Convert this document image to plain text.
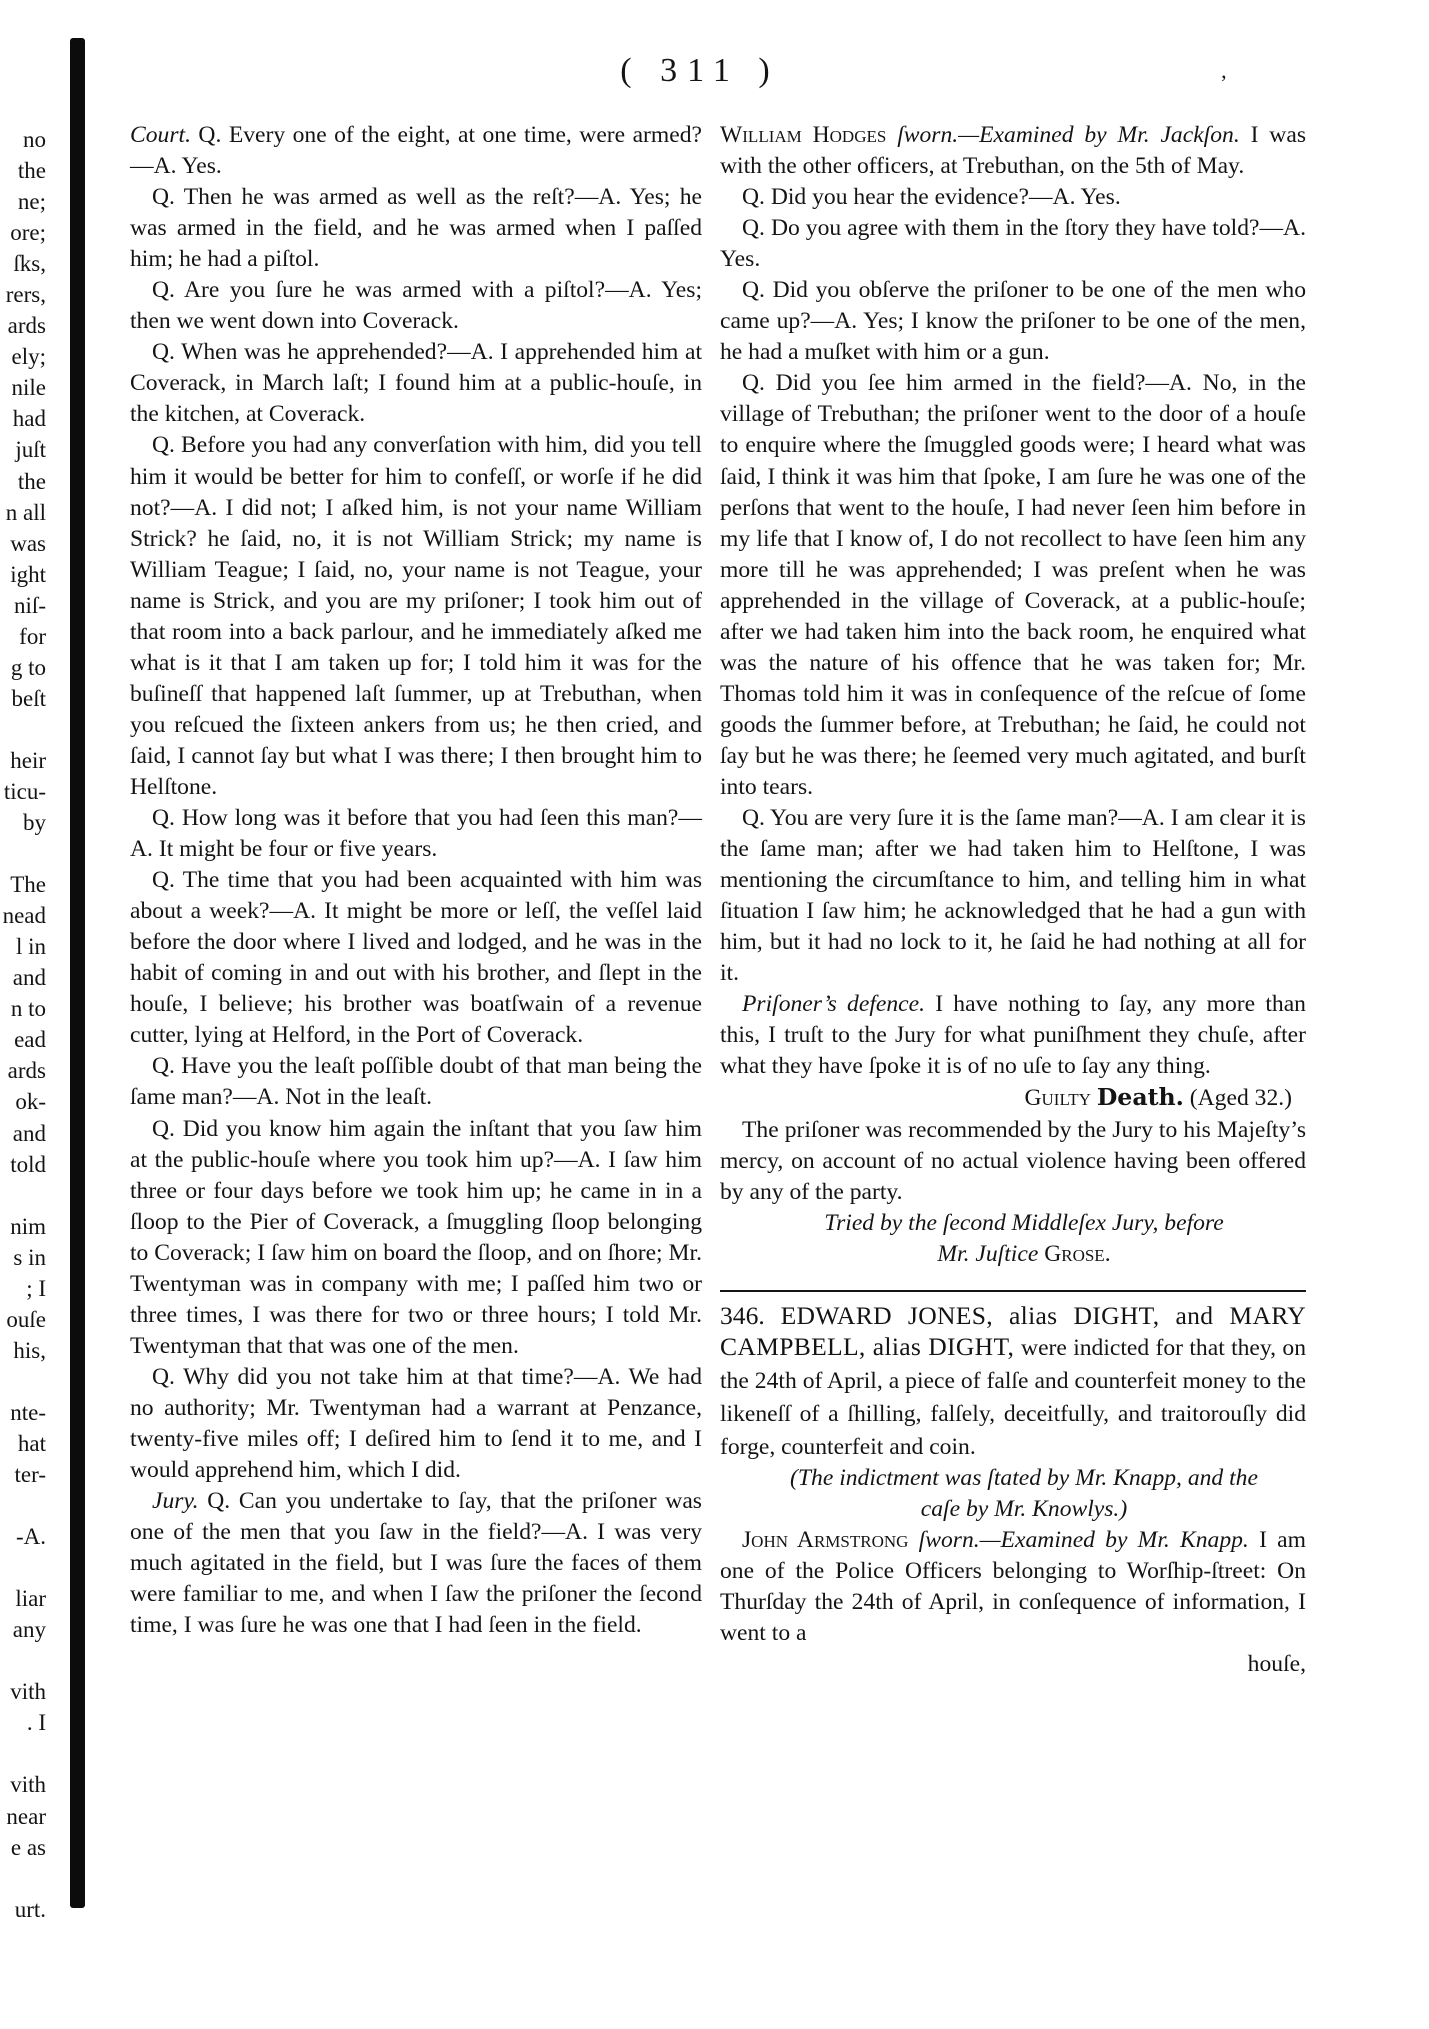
( 311 )	’
no
the
ne;
ore;
ſks,
rers,
ards
ely;
nile
had
juſt
the
n all
was
ight
niſ-
for
g to
beſt
heir
ticu-
by
The
nead
l in
and
n to
ead
ards
ok-
and
told
nim
s in
; I
ouſe
his,
nte-
hat
ter-
-A.
liar
any
vith
. I
vith
near
e as
urt.

Court. Q. Every one of the eight, at one time, were armed?—A. Yes.

Q. Then he was armed as well as the reſt?—A. Yes; he was armed in the field, and he was armed when I paſſed him; he had a piſtol.

Q. Are you ſure he was armed with a piſtol?—A. Yes; then we went down into Coverack.

Q. When was he apprehended?—A. I apprehended him at Coverack, in March laſt; I found him at a public-houſe, in the kitchen, at Coverack.

Q. Before you had any converſation with him, did you tell him it would be better for him to confeſſ, or worſe if he did not?—A. I did not; I aſked him, is not your name William Strick? he ſaid, no, it is not William Strick; my name is William Teague; I ſaid, no, your name is not Teague, your name is Strick, and you are my priſoner; I took him out of that room into a back parlour, and he immediately aſked me what is it that I am taken up for; I told him it was for the buſineſſ that happened laſt ſummer, up at Trebuthan, when you reſcued the ſixteen ankers from us; he then cried, and ſaid, I cannot ſay but what I was there; I then brought him to Helſtone.

Q. How long was it before that you had ſeen this man?—A. It might be four or five years.

Q. The time that you had been acquainted with him was about a week?—A. It might be more or leſſ, the veſſel laid before the door where I lived and lodged, and he was in the habit of coming in and out with his brother, and ſlept in the houſe, I believe; his brother was boatſwain of a revenue cutter, lying at Helford, in the Port of Coverack.

Q. Have you the leaſt poſſible doubt of that man being the ſame man?—A. Not in the leaſt.

Q. Did you know him again the inſtant that you ſaw him at the public-houſe where you took him up?—A. I ſaw him three or four days before we took him up; he came in in a ſloop to the Pier of Coverack, a ſmuggling ſloop belonging to Coverack; I ſaw him on board the ſloop, and on ſhore; Mr. Twentyman was in company with me; I paſſed him two or three times, I was there for two or three hours; I told Mr. Twentyman that that was one of the men.

Q. Why did you not take him at that time?—A. We had no authority; Mr. Twentyman had a warrant at Penzance, twenty-five miles off; I deſired him to ſend it to me, and I would apprehend him, which I did.

Jury. Q. Can you undertake to ſay, that the priſoner was one of the men that you ſaw in the field?—A. I was very much agitated in the field, but I was ſure the faces of them were familiar to me, and when I ſaw the priſoner the ſecond time, I was ſure he was one that I had ſeen in the field.

William Hodges ſworn.—Examined by Mr. Jackſon. I was with the other officers, at Trebuthan, on the 5th of May.

Q. Did you hear the evidence?—A. Yes.

Q. Do you agree with them in the ſtory they have told?—A. Yes.

Q. Did you obſerve the priſoner to be one of the men who came up?—A. Yes; I know the priſoner to be one of the men, he had a muſket with him or a gun.

Q. Did you ſee him armed in the field?—A. No, in the village of Trebuthan; the priſoner went to the door of a houſe to enquire where the ſmuggled goods were; I heard what was ſaid, I think it was him that ſpoke, I am ſure he was one of the perſons that went to the houſe, I had never ſeen him before in my life that I know of, I do not recollect to have ſeen him any more till he was apprehended; I was preſent when he was apprehended in the village of Coverack, at a public-houſe; after we had taken him into the back room, he enquired what was the nature of his offence that he was taken for; Mr. Thomas told him it was in conſequence of the reſcue of ſome goods the ſummer before, at Trebuthan; he ſaid, he could not ſay but he was there; he ſeemed very much agitated, and burſt into tears.

Q. You are very ſure it is the ſame man?—A. I am clear it is the ſame man; after we had taken him to Helſtone, I was mentioning the circumſtance to him, and telling him in what ſituation I ſaw him; he acknowledged that he had a gun with him, but it had no lock to it, he ſaid he had nothing at all for it.

Priſoner’s defence. I have nothing to ſay, any more than this, I truſt to the Jury for what puniſhment they chuſe, after what they have ſpoke it is of no uſe to ſay any thing.

Guilty Death. (Aged 32.)

The priſoner was recommended by the Jury to his Majeſty’s mercy, on account of no actual violence having been offered by any of the party.

Tried by the ſecond Middleſex Jury, before

Mr. Juſtice Grose.

346. EDWARD JONES, alias DIGHT, and MARY CAMPBELL, alias DIGHT, were indicted for that they, on the 24th of April, a piece of falſe and counterfeit money to the likeneſſ of a ſhilling, falſely, deceitfully, and traitorouſly did forge, counterfeit and coin.

(The indictment was ſtated by Mr. Knapp, and the

caſe by Mr. Knowlys.)

John Armstrong ſworn.—Examined by Mr. Knapp. I am one of the Police Officers belonging to Worſhip-ſtreet: On Thurſday the 24th of April, in conſequence of information, I went to a

houſe,
